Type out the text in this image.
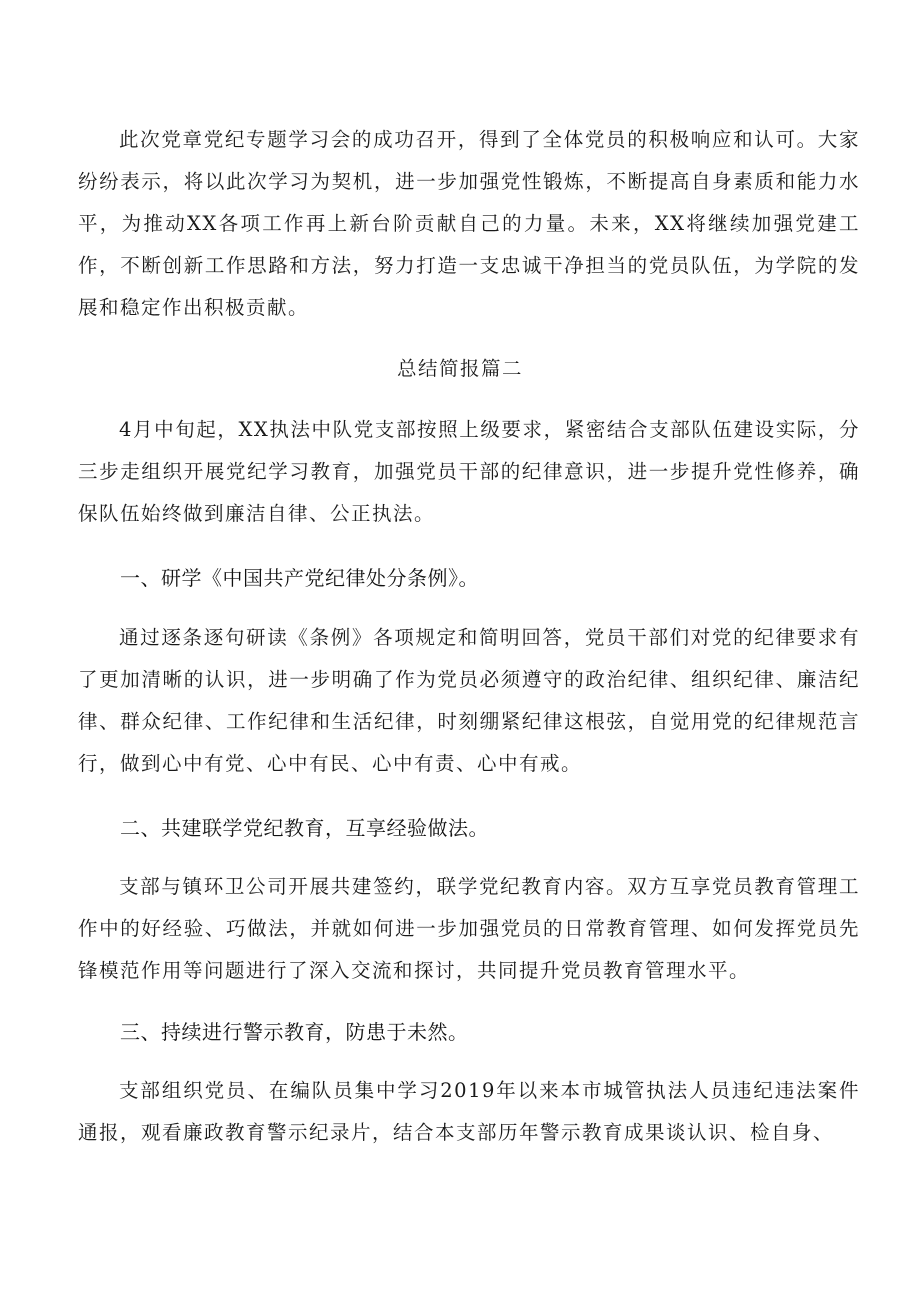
此次党章党纪专题学习会的成功召开，得到了全体党员的积极响应和认可。大家纷纷表示，将以此次学习为契机，进一步加强党性锻炼，不断提高自身素质和能力水平，为推动XX各项工作再上新台阶贡献自己的力量。未来，XX将继续加强党建工作，不断创新工作思路和方法，努力打造一支忠诚干净担当的党员队伍，为学院的发展和稳定作出积极贡献。

总结简报篇二

4月中旬起，XX执法中队党支部按照上级要求，紧密结合支部队伍建设实际，分三步走组织开展党纪学习教育，加强党员干部的纪律意识，进一步提升党性修养，确保队伍始终做到廉洁自律、公正执法。

一、研学《中国共产党纪律处分条例》。

通过逐条逐句研读《条例》各项规定和简明回答，党员干部们对党的纪律要求有了更加清晰的认识，进一步明确了作为党员必须遵守的政治纪律、组织纪律、廉洁纪律、群众纪律、工作纪律和生活纪律，时刻绷紧纪律这根弦，自觉用党的纪律规范言行，做到心中有党、心中有民、心中有责、心中有戒。

二、共建联学党纪教育，互享经验做法。

支部与镇环卫公司开展共建签约，联学党纪教育内容。双方互享党员教育管理工作中的好经验、巧做法，并就如何进一步加强党员的日常教育管理、如何发挥党员先锋模范作用等问题进行了深入交流和探讨，共同提升党员教育管理水平。

三、持续进行警示教育，防患于未然。

支部组织党员、在编队员集中学习2019年以来本市城管执法人员违纪违法案件通报，观看廉政教育警示纪录片，结合本支部历年警示教育成果谈认识、检自身、
